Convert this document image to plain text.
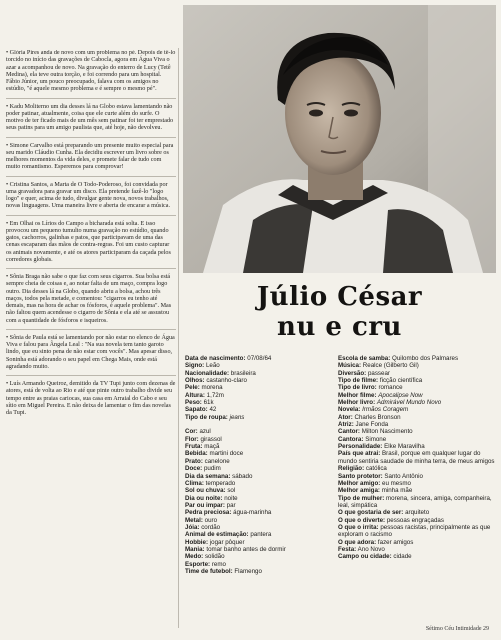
• Glória Pires anda de novo com um problema no pé. Depois de tê-lo torcido no início das gravações de Cabocla, agora em Água Viva o azar a acompanhou de novo. Na gravação do enterro de Lucy (Tetê Medina), ela teve outra torção, e foi correndo para um hospital. Fábio Júnior, um pouco preocupado, falava com os amigos no estúdio, "é aquele mesmo problema e é sempre o mesmo pé".

• Kadu Moliterno um dia desses lá na Globo estava lamentando não poder patinar, atualmente, coisa que ele curte além do surfe. O motivo de ter ficado mais de um mês sem patinar foi ter emprestado seus patins para um amigo paulista que, até hoje, não devolveu.

• Simone Carvalho está preparando um presente muito especial para seu marido Cláudio Cunha. Ela decidiu escrever um livro sobre os melhores momentos da vida deles, e promete falar de tudo com muito romantismo. Esperemos para comprovar!

• Cristina Santos, a Marta de O Todo-Poderoso, foi convidada por uma gravadora para gravar um disco. Ela pretende fazê-lo "logo logo" e quer, acima de tudo, divulgar gente nova, novos trabalhos, novas linguagens. Uma maneira livre e aberta de encarar a música.

• Em Olhai os Lírios do Campo a bicharada está solta. E isso provocou um pequeno tumulto numa gravação no estúdio, quando gatos, cachorros, galinhas e patos, que participavam de uma das cenas escaparam das mãos de contra-regras. Foi um custo capturar os animais novamente, e até os atores participaram da caçada pelos corredores globais.

• Sônia Braga não sabe o que faz com seus cigarros. Sua bolsa está sempre cheia de coisas e, ao notar falta de um maço, compra logo outro. Dia desses lá na Globo, quando abriu a bolsa, achou três maços, todos pela metade, e comentou: "cigarros eu tenho até demais, mas na hora de achar os fósforos, é aquele problema". Mas não faltou quem acendesse o cigarro de Sônia e ela até se assustou com a quantidade de fósforos e isqueiros.

• Sônia de Paula está se lamentando por não estar no elenco de Água Viva e falou para Ângela Leal : "Na sua novela tem tanto garoto lindo, que eu sinto pena de não estar com vocês". Mas apesar disso, Soninha está adorando o seu papel em Chega Mais, onde está agradando muito.

• Luís Armando Queiroz, demitido da TV Tupi junto com dezenas de atores, está de volta ao Rio e até que pinte outro trabalho divide seu tempo entre as praias cariocas, sua casa em Arraial do Cabo e seu sítio em Miguel Pereira. E não deixa de lamentar o fim das novelas da Tupi.

Júlio César
nu e cru

Data de nascimento: 07/08/64

Signo: Leão

Nacionalidade: brasileira

Olhos: castanho-claro

Pele: morena

Altura: 1,72m

Peso: 61k

Sapato: 42

Tipo de roupa: jeans

Cor: azul

Flor: girassol

Fruta: maçã

Bebida: martini doce

Prato: canelone

Doce: pudim

Dia da semana: sábado

Clima: temperado

Sol ou chuva: sol

Dia ou noite: noite

Par ou impar: par

Pedra preciosa: água-marinha

Metal: ouro

Jóia: cordão

Animal de estimação: pantera

Hobbie: jogar pôquer

Mania: tomar banho antes de dormir

Medo: solidão

Esporte: remo

Time de futebol: Flamengo

Escola de samba: Quilombo dos Palmares

Música: Realce (Gilberto Gil)

Diversão: passear

Tipo de filme: ficção científica

Tipo de livro: romance

Melhor filme: Apocalipse Now

Melhor livro: Admirável Mundo Novo

Novela: Irmãos Coragem

Ator: Charles Bronson

Atriz: Jane Fonda

Cantor: Milton Nascimento

Cantora: Simone

Personalidade: Elke Maravilha

País que atrai: Brasil, porque em qualquer lugar do mundo sentiria saudade de minha terra, de meus amigos

Religião: católica

Santo protetor: Santo Antônio

Melhor amigo: eu mesmo

Melhor amiga: minha mãe

Tipo de mulher: morena, sincera, amiga, companheira, leal, simpática

O que gostaria de ser: arquiteto

O que o diverte: pessoas engraçadas

O que o irrita: pessoas racistas, principalmente as que exploram o racismo

O que adora: fazer amigos

Festa: Ano Novo

Campo ou cidade: cidade

Sétimo Céu Intimidade 29
